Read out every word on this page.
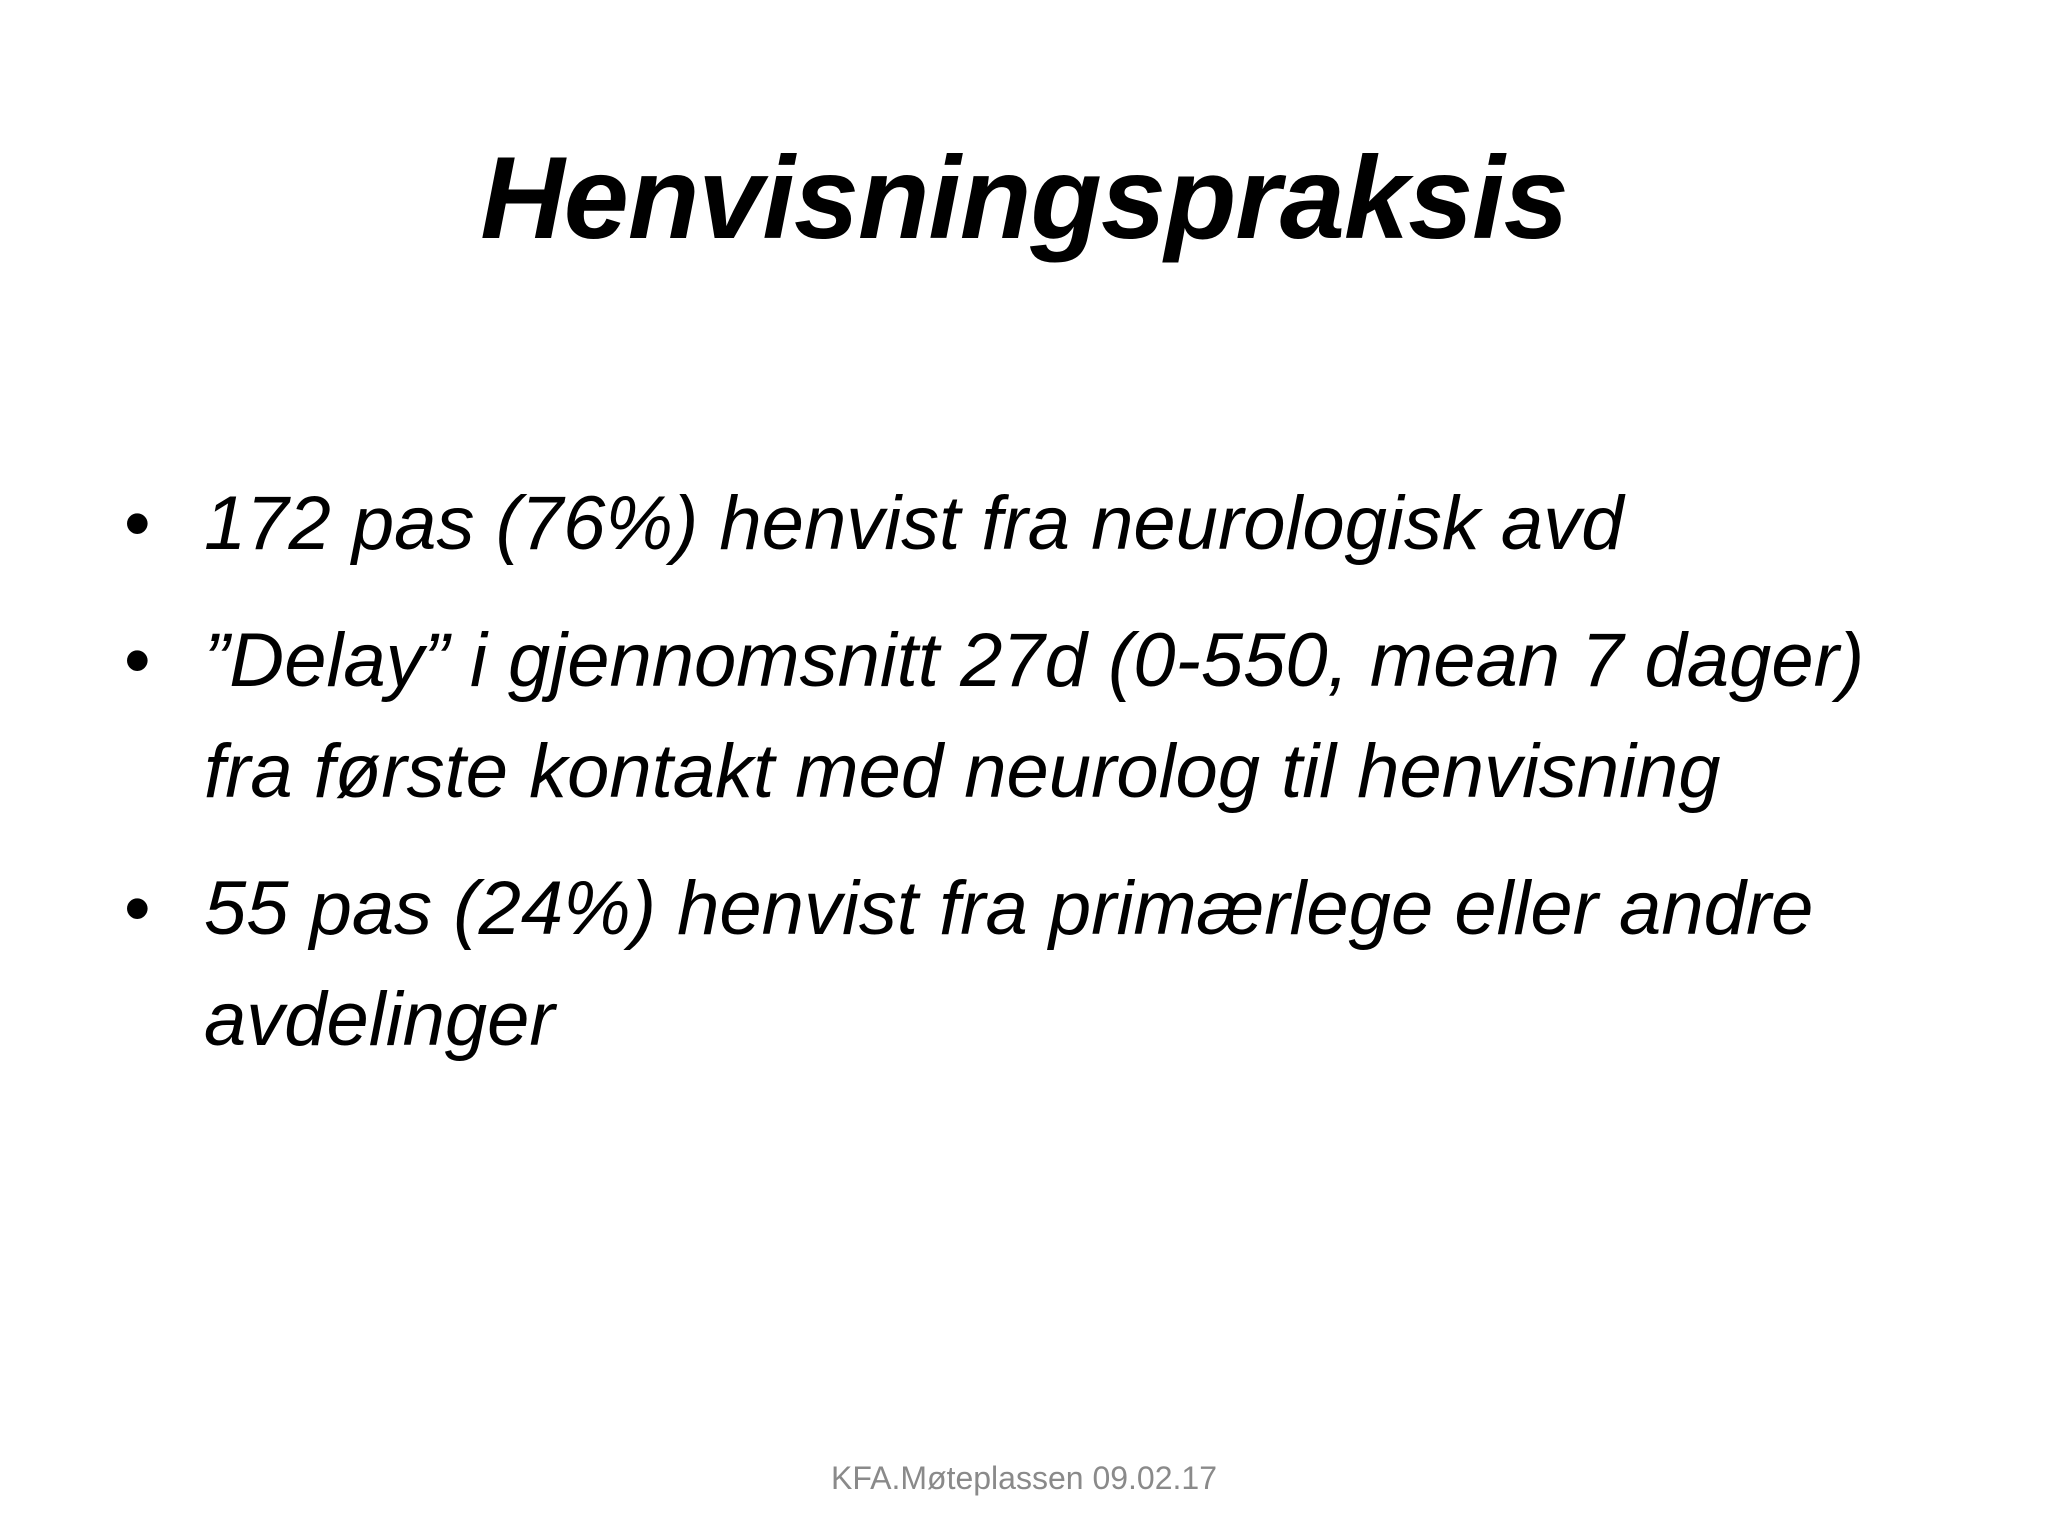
Henvisningspraksis
• 172 pas (76%) henvist fra neurologisk avd
• ”Delay” i gjennomsnitt 27d (0-550, mean 7 dager) fra første kontakt med neurolog til henvisning
• 55 pas (24%) henvist fra primærlege eller andre avdelinger
KFA.Møteplassen 09.02.17
